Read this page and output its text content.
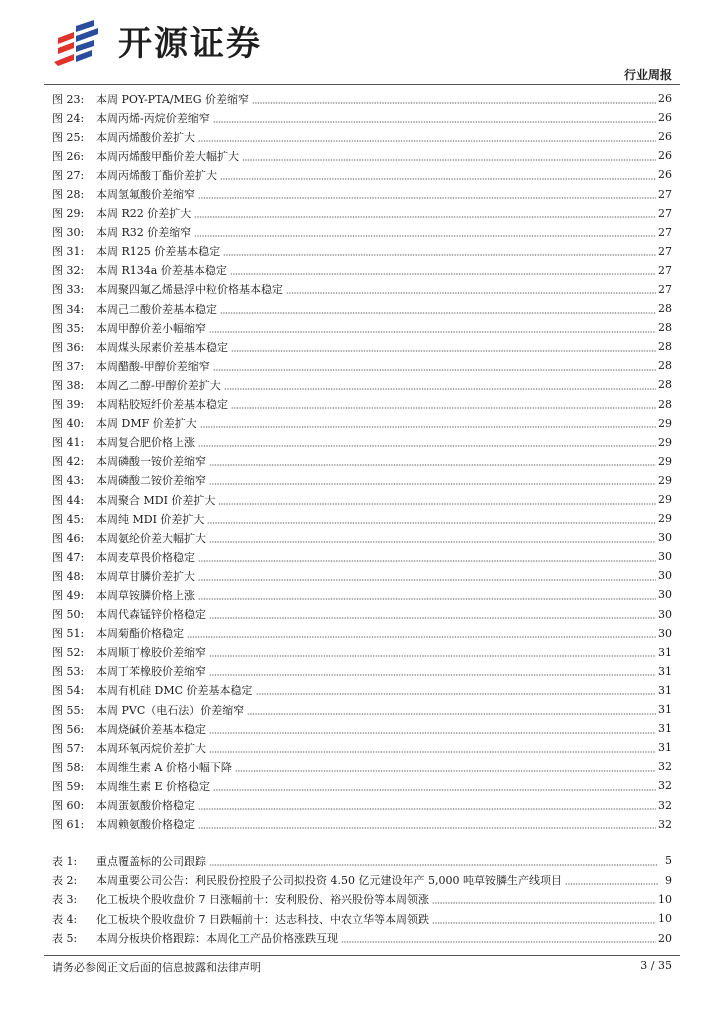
开源证券
行业周报
图 23:	本周 POY-PTA/MEG 价差缩窄	26
图 24:	本周丙烯-丙烷价差缩窄	26
图 25:	本周丙烯酸价差扩大	26
图 26:	本周丙烯酸甲酯价差大幅扩大	26
图 27:	本周丙烯酸丁酯价差扩大	26
图 28:	本周氢氟酸价差缩窄	27
图 29:	本周 R22 价差扩大	27
图 30:	本周 R32 价差缩窄	27
图 31:	本周 R125 价差基本稳定	27
图 32:	本周 R134a 价差基本稳定	27
图 33:	本周聚四氟乙烯悬浮中粒价格基本稳定	27
图 34:	本周己二酸价差基本稳定	28
图 35:	本周甲醇价差小幅缩窄	28
图 36:	本周煤头尿素价差基本稳定	28
图 37:	本周醋酸-甲醇价差缩窄	28
图 38:	本周乙二醇-甲醇价差扩大	28
图 39:	本周粘胶短纤价差基本稳定	28
图 40:	本周 DMF 价差扩大	29
图 41:	本周复合肥价格上涨	29
图 42:	本周磷酸一铵价差缩窄	29
图 43:	本周磷酸二铵价差缩窄	29
图 44:	本周聚合 MDI 价差扩大	29
图 45:	本周纯 MDI 价差扩大	29
图 46:	本周氨纶价差大幅扩大	30
图 47:	本周麦草畏价格稳定	30
图 48:	本周草甘膦价差扩大	30
图 49:	本周草铵膦价格上涨	30
图 50:	本周代森锰锌价格稳定	30
图 51:	本周菊酯价格稳定	30
图 52:	本周顺丁橡胶价差缩窄	31
图 53:	本周丁苯橡胶价差缩窄	31
图 54:	本周有机硅 DMC 价差基本稳定	31
图 55:	本周 PVC（电石法）价差缩窄	31
图 56:	本周烧碱价差基本稳定	31
图 57:	本周环氧丙烷价差扩大	31
图 58:	本周维生素 A 价格小幅下降	32
图 59:	本周维生素 E 价格稳定	32
图 60:	本周蛋氨酸价格稳定	32
图 61:	本周赖氨酸价格稳定	32
表 1:	重点覆盖标的公司跟踪	5
表 2:	本周重要公司公告：利民股份控股子公司拟投资 4.50 亿元建设年产 5,000 吨草铵膦生产线项目	9
表 3:	化工板块个股收盘价 7 日涨幅前十：安利股份、裕兴股份等本周领涨	10
表 4:	化工板块个股收盘价 7 日跌幅前十：达志科技、中农立华等本周领跌	10
表 5:	本周分板块价格跟踪：本周化工产品价格涨跌互现	20
请务必参阅正文后面的信息披露和法律声明	3 / 35
